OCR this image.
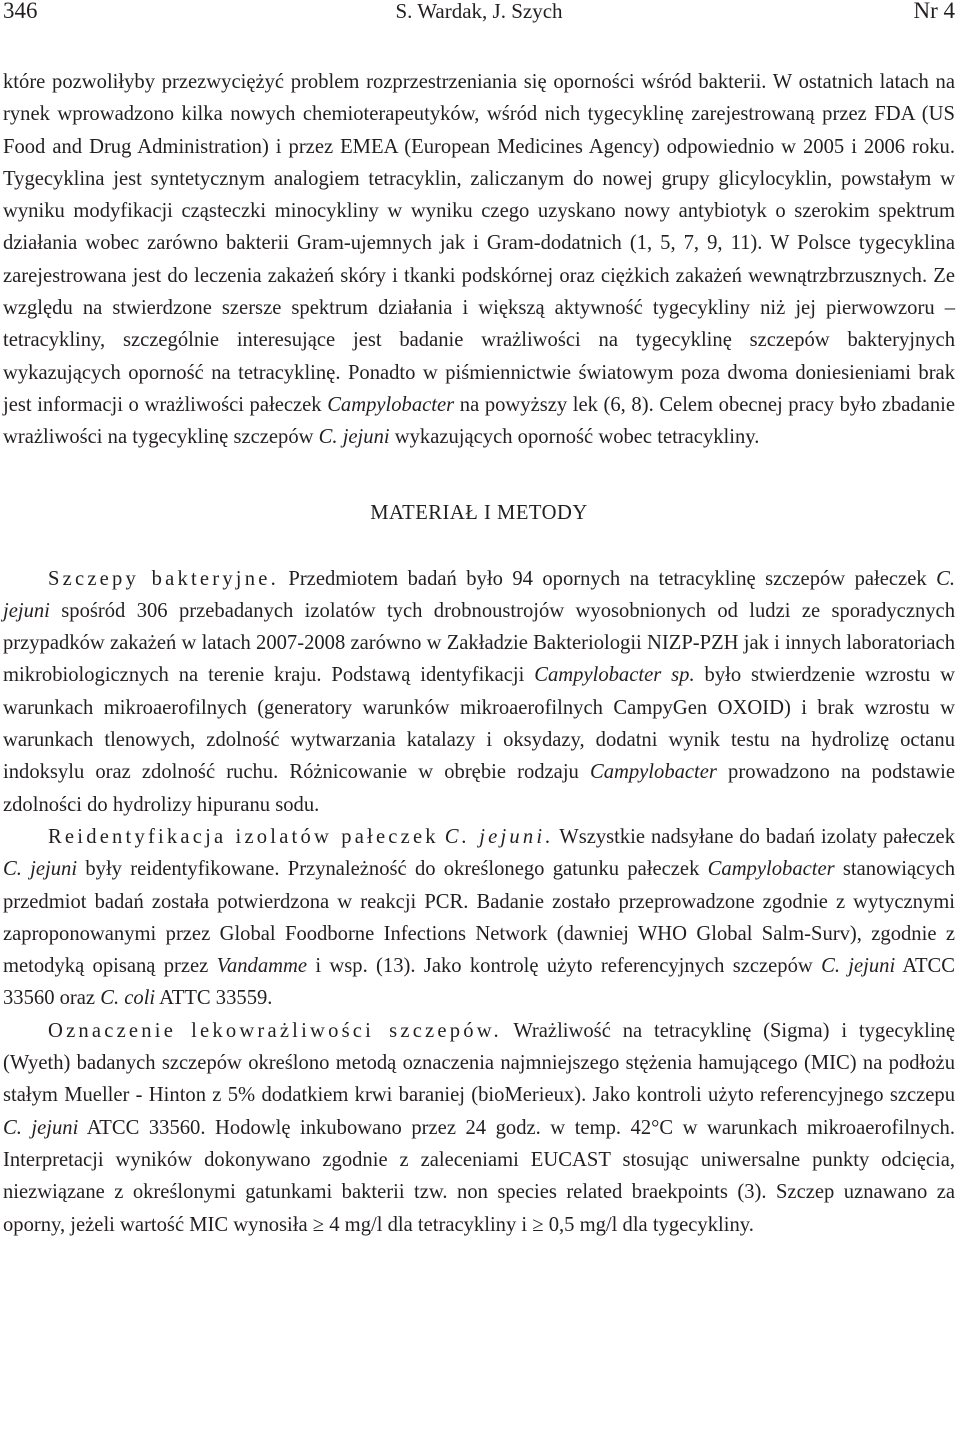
346	S. Wardak, J. Szych	Nr 4

które pozwoliłyby przezwyciężyć problem rozprzestrzeniania się oporności wśród bakterii. W ostatnich latach na rynek wprowadzono kilka nowych chemioterapeutyków, wśród nich tygecyklinę zarejestrowaną przez FDA (US Food and Drug Administration) i przez EMEA (European Medicines Agency) odpowiednio w 2005 i 2006 roku. Tygecyklina jest syntetycznym analogiem tetracyklin, zaliczanym do nowej grupy glicylocyklin, powstałym w wyniku modyfikacji cząsteczki minocykliny w wyniku czego uzyskano nowy antybiotyk o szerokim spektrum działania wobec zarówno bakterii Gram-ujemnych jak i Gram-dodatnich (1, 5, 7, 9, 11). W Polsce tygecyklina zarejestrowana jest do leczenia zakażeń skóry i tkanki podskórnej oraz ciężkich zakażeń wewnątrzbrzusznych. Ze względu na stwierdzone szersze spektrum działania i większą aktywność tygecykliny niż jej pierwowzoru – tetracykliny, szczególnie interesujące jest badanie wrażliwości na tygecyklinę szczepów bakteryjnych wykazujących oporność na tetracyklinę. Ponadto w piśmiennictwie światowym poza dwoma doniesieniami brak jest informacji o wrażliwości pałeczek Campylobacter na powyższy lek (6, 8). Celem obecnej pracy było zbadanie wrażliwości na tygecyklinę szczepów C. jejuni wykazujących oporność wobec tetracykliny.

MATERIAŁ I METODY

Szczepy bakteryjne. Przedmiotem badań było 94 opornych na tetracyklinę szczepów pałeczek C. jejuni spośród 306 przebadanych izolatów tych drobnoustrojów wyosobnionych od ludzi ze sporadycznych przypadków zakażeń w latach 2007-2008 zarówno w Zakładzie Bakteriologii NIZP-PZH jak i innych laboratoriach mikrobiologicznych na terenie kraju. Podstawą identyfikacji Campylobacter sp. było stwierdzenie wzrostu w warunkach mikroaerofilnych (generatory warunków mikroaerofilnych CampyGen OXOID) i brak wzrostu w warunkach tlenowych, zdolność wytwarzania katalazy i oksydazy, dodatni wynik testu na hydrolizę octanu indoksylu oraz zdolność ruchu. Różnicowanie w obrębie rodzaju Campylobacter prowadzono na podstawie zdolności do hydrolizy hipuranu sodu.

Reidentyfikacja izolatów pałeczek C. jejuni. Wszystkie nadsyłane do badań izolaty pałeczek C. jejuni były reidentyfikowane. Przynależność do określonego gatunku pałeczek Campylobacter stanowiących przedmiot badań została potwierdzona w reakcji PCR. Badanie zostało przeprowadzone zgodnie z wytycznymi zaproponowanymi przez Global Foodborne Infections Network (dawniej WHO Global Salm-Surv), zgodnie z metodyką opisaną przez Vandamme i wsp. (13). Jako kontrolę użyto referencyjnych szczepów C. jejuni ATCC 33560 oraz C. coli ATTC 33559.

Oznaczenie lekowrażliwości szczepów. Wrażliwość na tetracyklinę (Sigma) i tygecyklinę (Wyeth) badanych szczepów określono metodą oznaczenia najmniejszego stężenia hamującego (MIC) na podłożu stałym Mueller - Hinton z 5% dodatkiem krwi baraniej (bioMerieux). Jako kontroli użyto referencyjnego szczepu C. jejuni ATCC 33560. Hodowlę inkubowano przez 24 godz. w temp. 42°C w warunkach mikroaerofilnych. Interpretacji wyników dokonywano zgodnie z zaleceniami EUCAST stosując uniwersalne punkty odcięcia, niezwiązane z określonymi gatunkami bakterii tzw. non species related braekpoints (3). Szczep uznawano za oporny, jeżeli wartość MIC wynosiła ≥ 4 mg/l dla tetracykliny i ≥ 0,5 mg/l dla tygecykliny.
